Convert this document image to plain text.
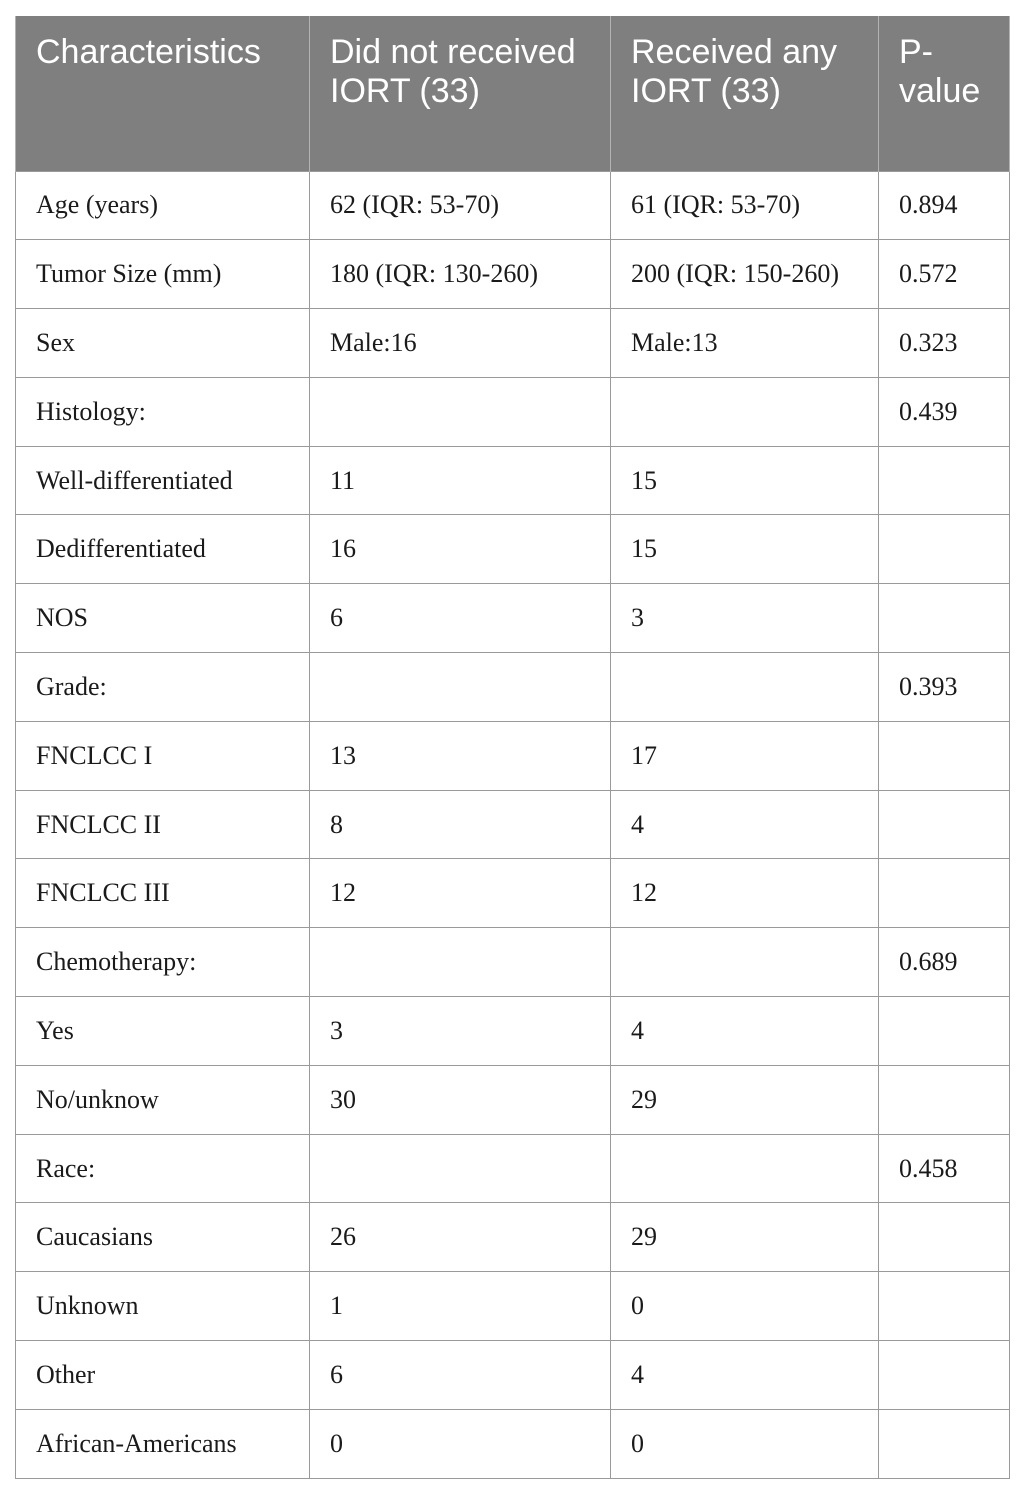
Characteristics	Did not received IORT (33)	Received any IORT (33)	P-value
Age (years)	62 (IQR: 53-70)	61 (IQR: 53-70)	0.894
Tumor Size (mm)	180 (IQR: 130-260)	200 (IQR: 150-260)	0.572
Sex	Male:16	Male:13	0.323
Histology:			0.439
Well-differentiated	11	15	
Dedifferentiated	16	15	
NOS	6	3	
Grade:			0.393
FNCLCC I	13	17	
FNCLCC II	8	4	
FNCLCC III	12	12	
Chemotherapy:			0.689
Yes	3	4	
No/unknow	30	29	
Race:			0.458
Caucasians	26	29	
Unknown	1	0	
Other	6	4	
African-Americans	0	0	
